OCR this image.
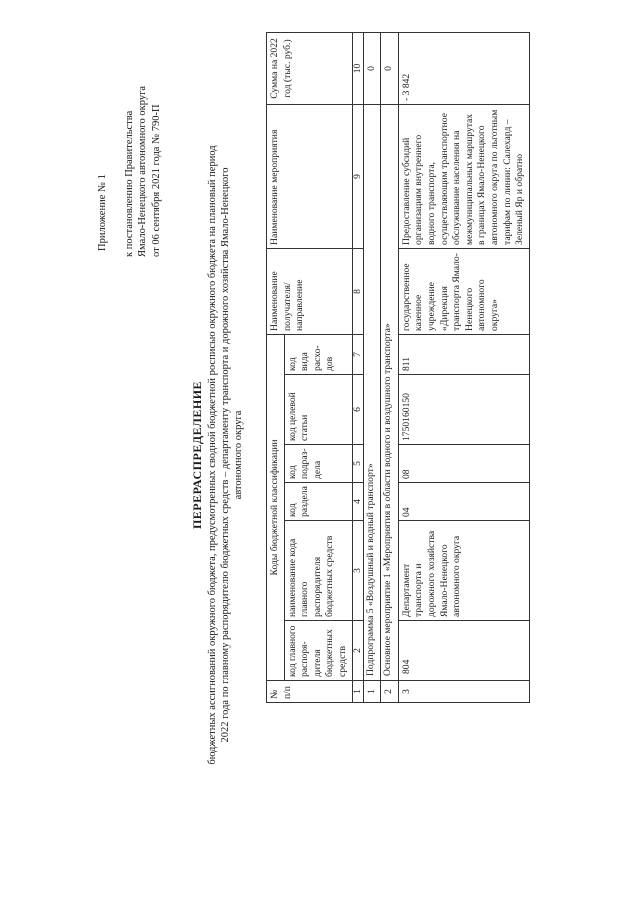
Приложение № 1 к постановлению Правительства Ямало-Ненецкого автономного округа от 06 сентября 2021 года № 790-П
ПЕРЕРАСПРЕДЕЛЕНИЕ бюджетных ассигнований окружного бюджета, предусмотренных сводной бюджетной росписью окружного бюджета на плановый период 2022 года по главному распорядителю бюджетных средств – департаменту транспорта и дорожного хозяйства Ямало-Ненецкого автономного округа
№ п/п	Коды бюджетной классификации						Наименование получателя/ направление	Наименование мероприятия	Сумма на 2022 год (тыс. руб.)
	код главного распоря-дителя бюджетных средств	наименование кода главного распорядителя бюджетных средств	код раздела	код подраз-дела	код целевой статьи	код вида расхо-дов			
1	2	3	4	5	6	7	8	9	10
1	Подпрограмма 5 «Воздушный и водный транспорт»								0
2	Основное мероприятие 1 «Мероприятия в области водного и воздушного транспорта»								0
3	804	Департамент транспорта и дорожного хозяйства Ямало-Ненецкого автономного округа	04	08	1750160150	811	государственное казенное учреждение «Дирекция транспорта Ямало-Ненецкого автономного округа»	Предоставление субсидий организациям внутреннего водного транспорта, осуществляющим транспортное обслуживание населения на межмуниципальных маршрутах в границах Ямало-Ненецкого автономного округа по льготным тарифам по линии: Салехард – Зеленый Яр и обратно	- 3 842
